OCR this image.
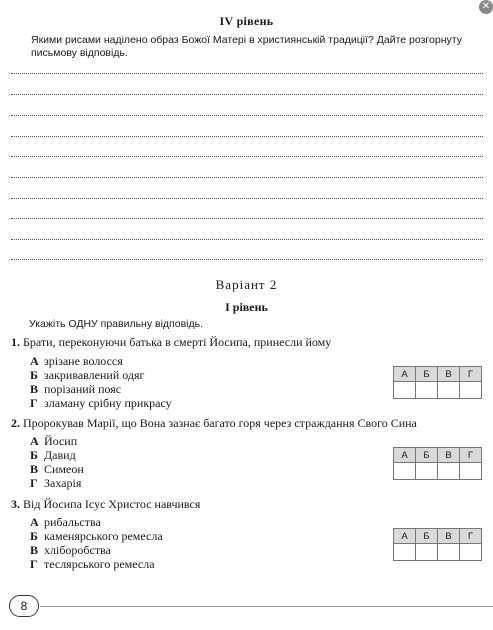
✕
IV рівень
Якими рисами наділено образ Божої Матері в християнській традиції? Дайте розгорнуту письмову відповідь.
Варіант 2
I рівень
Укажіть ОДНУ правильну відповідь.
1. Брати, переконуючи батька в смерті Йосипа, принесли йому
А зрізане волосся
Б закривавлений одяг
В порізаний пояс
Г зламану срібну прикрасу
А	Б	В	Г

2. Пророкував Марії, що Вона зазнає багато горя через страждання Свого Сина
А Йосип
Б Давид
В Симеон
Г Захарія
А	Б	В	Г

3. Від Йосипа Ісус Христос навчився
А рибальства
Б каменярського ремесла
В хліборобства
Г теслярського ремесла
А	Б	В	Г

8
